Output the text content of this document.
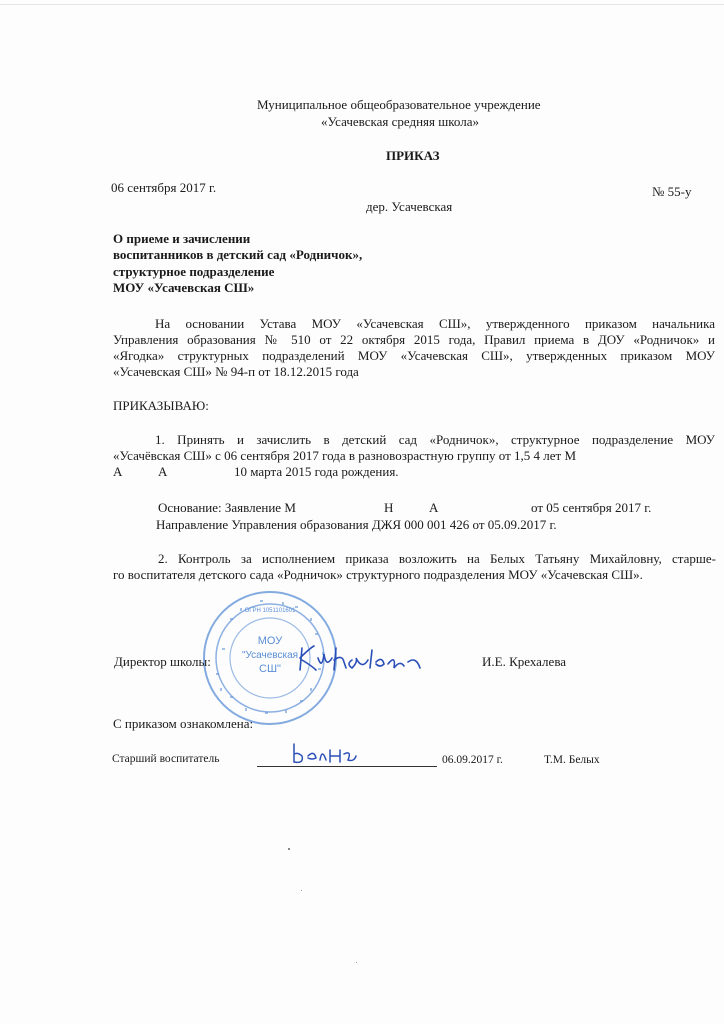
Муниципальное общеобразовательное учреждение
«Усачевская средняя школа»
ПРИКАЗ
06 сентября 2017 г.	№ 55-у
дер. Усачевская
О приеме и зачислении
воспитанников в детский сад «Родничок»,
структурное подразделение
МОУ «Усачевская СШ»
На основании Устава МОУ «Усачевская СШ», утвержденного приказом начальника
Управления образования № 510 от 22 октября 2015 года, Правил приема в ДОУ «Родничок» и
«Ягодка» структурных подразделений МОУ «Усачевская СШ», утвержденных приказом МОУ
«Усачевская СШ» № 94-п от 18.12.2015 года
ПРИКАЗЫВАЮ:
1. Принять и зачислить в детский сад «Родничок», структурное подразделение МОУ
«Усачёвская СШ» с 06 сентября 2017 года в разновозрастную группу от 1,5 4 лет М
А	А	10 марта 2015 года рождения.
Основание: Заявление М	Н	А	от 05 сентября 2017 г.
Направление Управления образования ДЖЯ 000 001 426 от 05.09.2017 г.
2. Контроль за исполнением приказа возложить на Белых Татьяну Михайловну, старше-
го воспитателя детского сада «Родничок» структурного подразделения МОУ «Усачевская СШ».
МОУ
"Усачевская
СШ"
ОГРН 1051101601
Директор школы:	Крехалева	И.Е. Крехалева
С приказом ознакомлена:
Старший воспитатель	Белых	06.09.2017 г.	Т.М. Белых
